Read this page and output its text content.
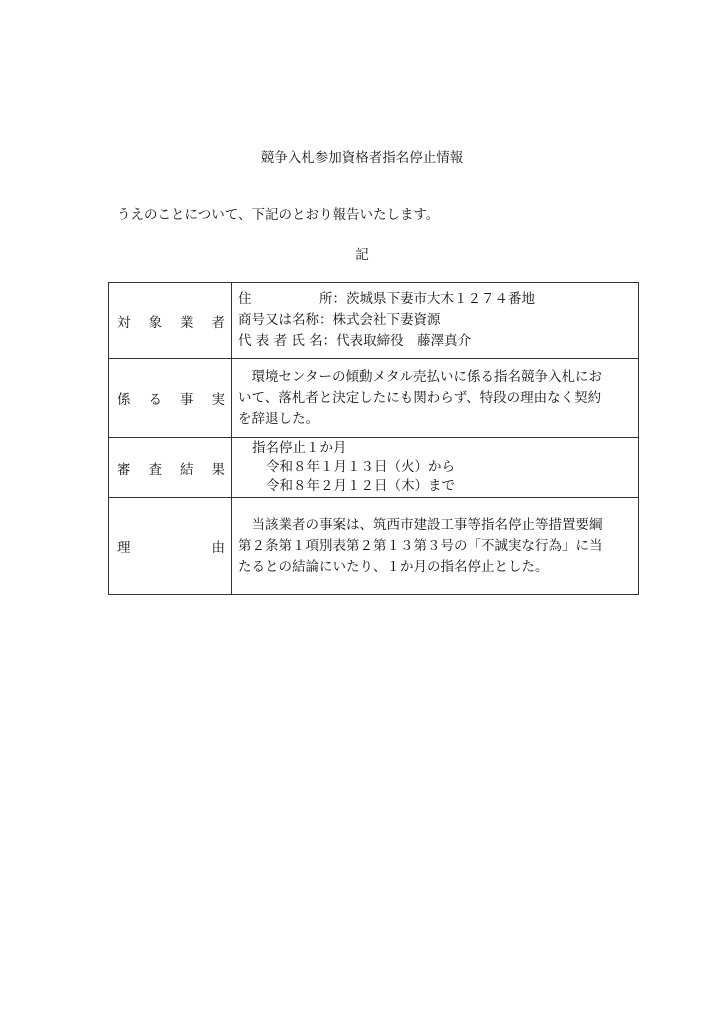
競争入札参加資格者指名停止情報
うえのことについて、下記のとおり報告いたします。
記
対　象　業　者	住　　　　　所：茨城県下妻市大木１２７４番地
商号又は名称：株式会社下妻資源
代 表 者 氏 名：代表取締役　藤澤真介

係　る　事　実	　環境センターの傾動メタル売払いに係る指名競争入札にお
いて、落札者と決定したにも関わらず、特段の理由なく契約
を辞退した。

審　査　結　果	指名停止１か月
令和８年１月１３日（火）から
令和８年２月１２日（木）まで

理　　　　　由	　当該業者の事案は、筑西市建設工事等指名停止等措置要綱
第２条第１項別表第２第１３第３号の「不誠実な行為」に当
たるとの結論にいたり、１か月の指名停止とした。
